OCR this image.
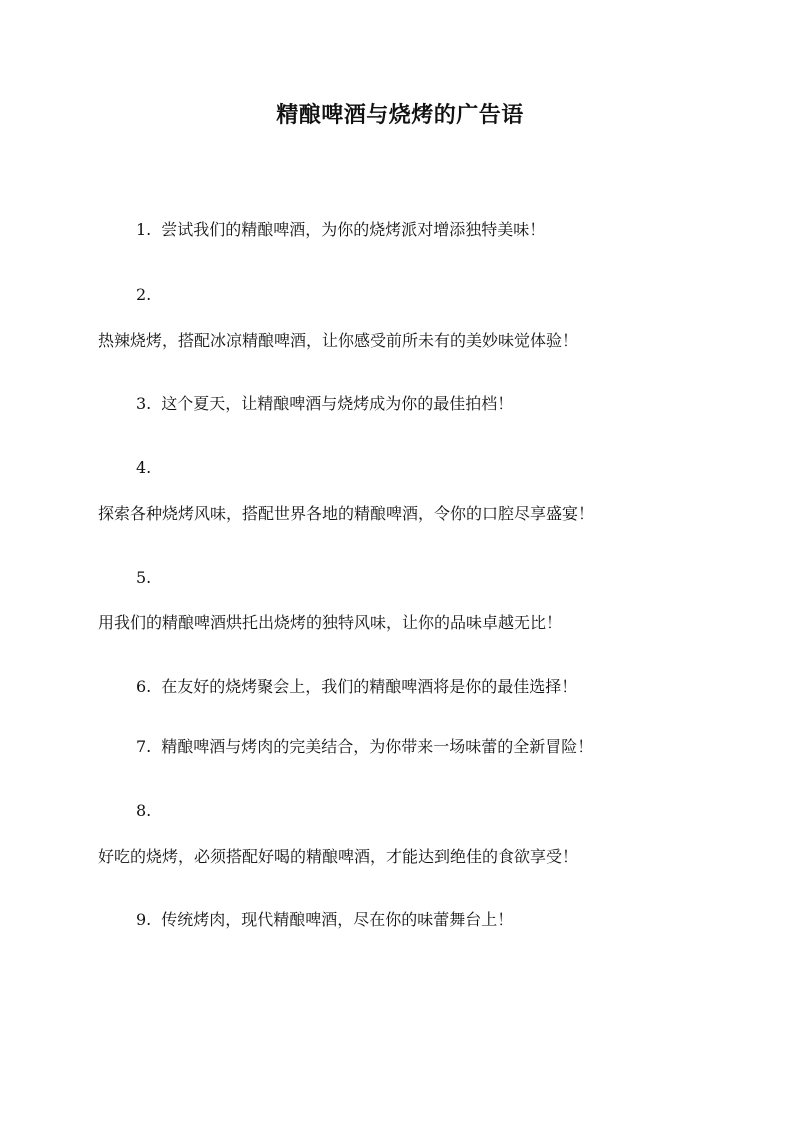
精酿啤酒与烧烤的广告语
1. 尝试我们的精酿啤酒，为你的烧烤派对增添独特美味！
2.
热辣烧烤，搭配冰凉精酿啤酒，让你感受前所未有的美妙味觉体验！
3. 这个夏天，让精酿啤酒与烧烤成为你的最佳拍档！
4.
探索各种烧烤风味，搭配世界各地的精酿啤酒，令你的口腔尽享盛宴！
5.
用我们的精酿啤酒烘托出烧烤的独特风味，让你的品味卓越无比！
6. 在友好的烧烤聚会上，我们的精酿啤酒将是你的最佳选择！
7. 精酿啤酒与烤肉的完美结合，为你带来一场味蕾的全新冒险！
8.
好吃的烧烤，必须搭配好喝的精酿啤酒，才能达到绝佳的食欲享受！
9. 传统烤肉，现代精酿啤酒，尽在你的味蕾舞台上！
